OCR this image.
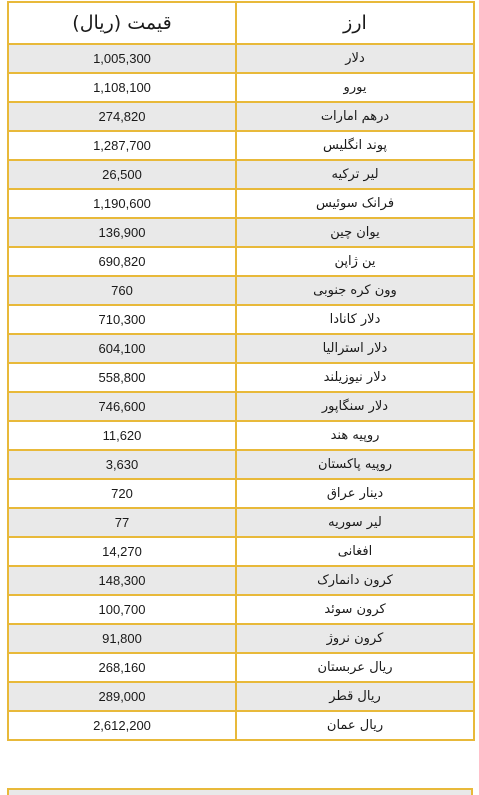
ارز	قیمت (ریال)
دلار	1,005,300
یورو	1,108,100
درهم امارات	274,820
پوند انگلیس	1,287,700
لیر ترکیه	26,500
فرانک سوئیس	1,190,600
یوان چین	136,900
ین ژاپن	690,820
وون کره جنوبی	760
دلار کانادا	710,300
دلار استرالیا	604,100
دلار نیوزیلند	558,800
دلار سنگاپور	746,600
روپیه هند	11,620
روپیه پاکستان	3,630
دینار عراق	720
لیر سوریه	77
افغانی	14,270
کرون دانمارک	148,300
کرون سوئد	100,700
کرون نروژ	91,800
ریال عربستان	268,160
ریال قطر	289,000
ریال عمان	2,612,200
